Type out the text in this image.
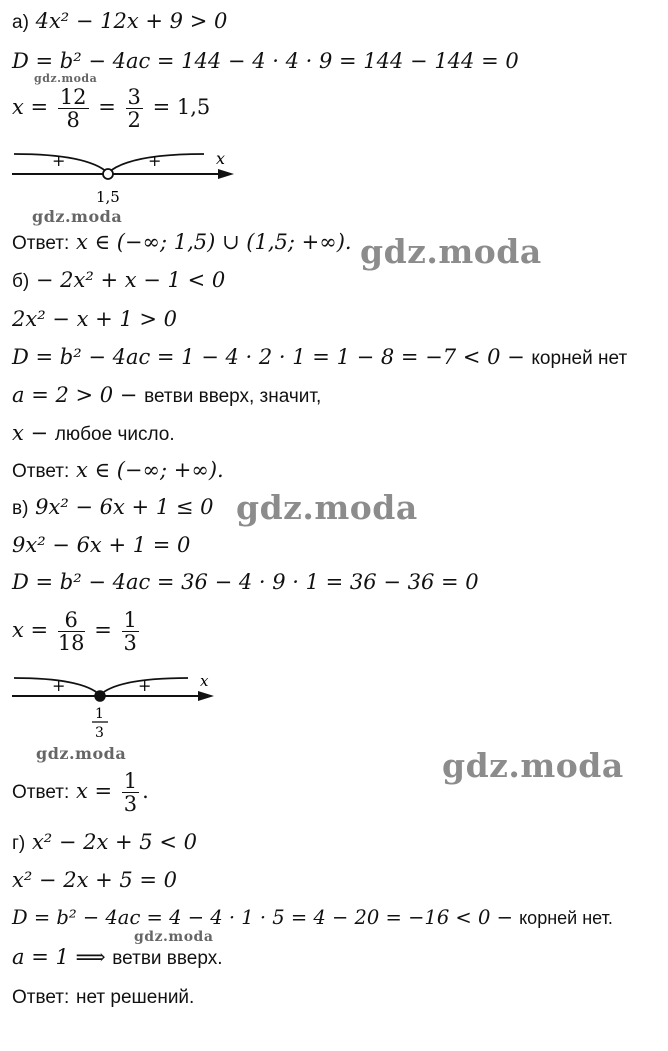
а) 4x² − 12x + 9 > 0
D = b² − 4ac = 144 − 4 · 4 · 9 = 144 − 144 = 0
$x = \frac{12}{8} = \frac{3}{2} = 1,5$
+	+	x
1,5
gdz.moda
gdz.moda
Ответ: x ∈ (−∞; 1,5) ∪ (1,5; +∞). gdz.moda
б) − 2x² + x − 1 < 0
2x² − x + 1 > 0
D = b² − 4ac = 1 − 4 · 2 · 1 = 1 − 8 = −7 < 0 − корней нет
a = 2 > 0 − ветви вверх, значит,
x − любое число.
Ответ: x ∈ (−∞; +∞).
в) 9x² − 6x + 1 ≤ 0 gdz.moda
9x² − 6x + 1 = 0
D = b² − 4ac = 36 − 4 · 9 · 1 = 36 − 36 = 0
$x = \frac{6}{18} = \frac{1}{3}$
+	+	x
1
3
gdz.moda	gdz.moda
Ответ: $x = \frac{1}{3}$ .
г) x² − 2x + 5 < 0
x² − 2x + 5 = 0
D = b² − 4ac = 4 − 4 · 1 · 5 = 4 − 20 = −16 < 0 − корней нет.
gdz.moda
a = 1 ⟹ ветви вверх.
Ответ: нет решений.
